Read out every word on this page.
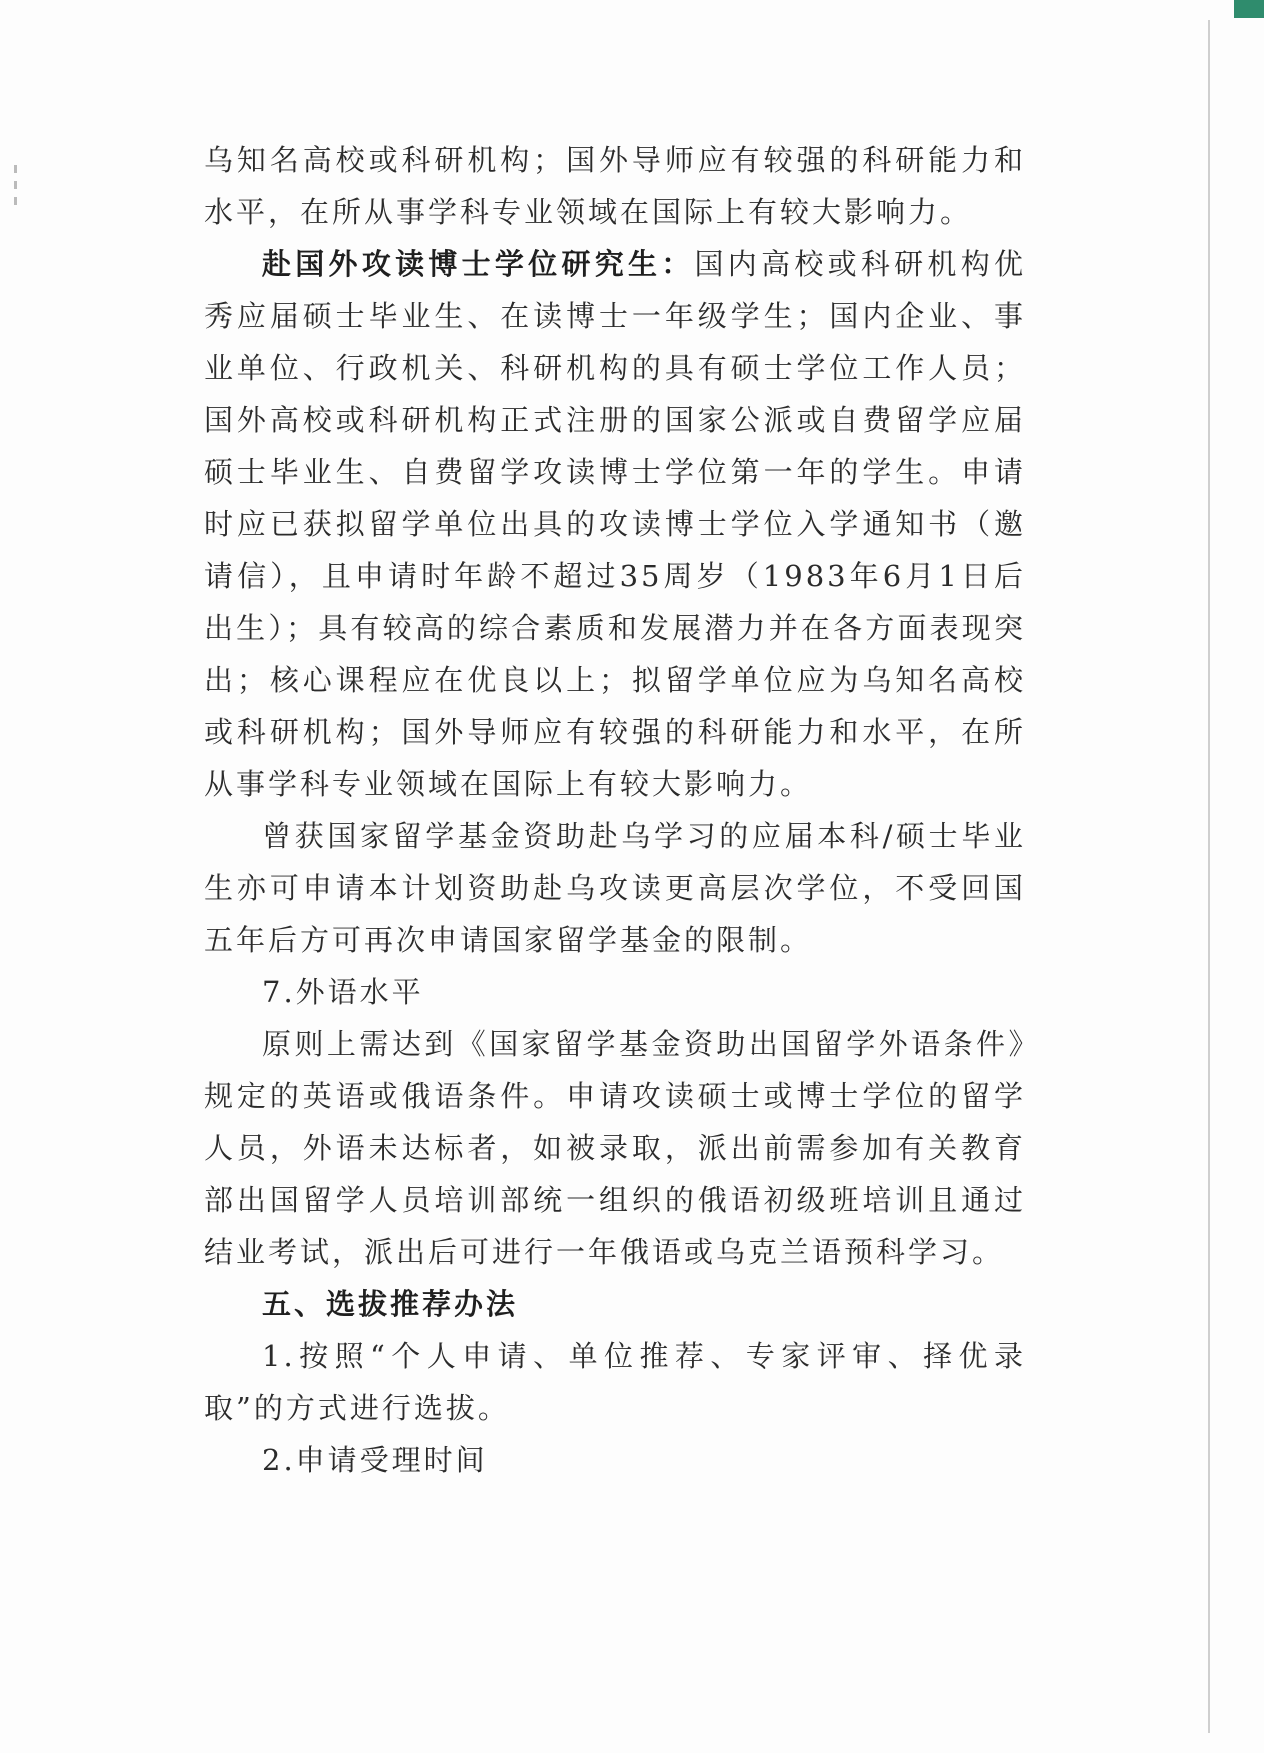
乌知名高校或科研机构；国外导师应有较强的科研能力和水平，在所从事学科专业领域在国际上有较大影响力。

赴国外攻读博士学位研究生：国内高校或科研机构优秀应届硕士毕业生、在读博士一年级学生；国内企业、事业单位、行政机关、科研机构的具有硕士学位工作人员；国外高校或科研机构正式注册的国家公派或自费留学应届硕士毕业生、自费留学攻读博士学位第一年的学生。申请时应已获拟留学单位出具的攻读博士学位入学通知书（邀请信），且申请时年龄不超过35周岁（1983年6月1日后出生）；具有较高的综合素质和发展潜力并在各方面表现突出；核心课程应在优良以上；拟留学单位应为乌知名高校或科研机构；国外导师应有较强的科研能力和水平，在所从事学科专业领域在国际上有较大影响力。

曾获国家留学基金资助赴乌学习的应届本科/硕士毕业生亦可申请本计划资助赴乌攻读更高层次学位，不受回国五年后方可再次申请国家留学基金的限制。

7.外语水平

原则上需达到《国家留学基金资助出国留学外语条件》规定的英语或俄语条件。申请攻读硕士或博士学位的留学人员，外语未达标者，如被录取，派出前需参加有关教育部出国留学人员培训部统一组织的俄语初级班培训且通过结业考试，派出后可进行一年俄语或乌克兰语预科学习。

五、选拔推荐办法

1.按照“个人申请、单位推荐、专家评审、择优录取”的方式进行选拔。

2.申请受理时间
